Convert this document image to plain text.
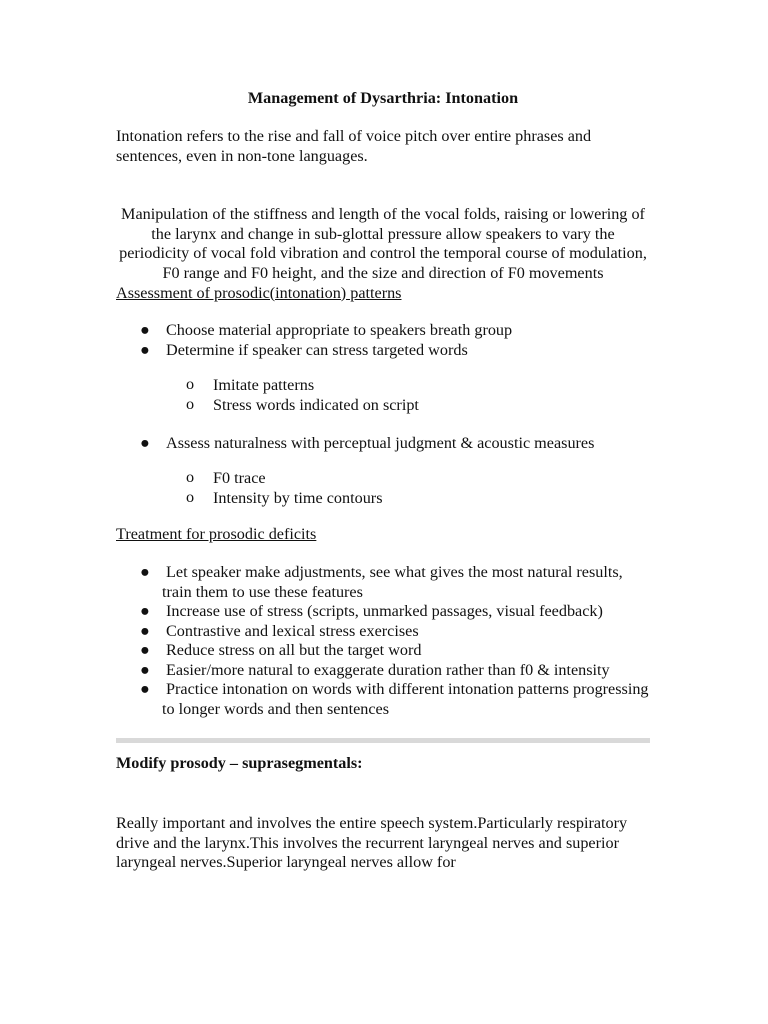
Management of Dysarthria: Intonation

Intonation refers to the rise and fall of voice pitch over entire phrases and sentences, even in non-tone languages.

Manipulation of the stiffness and length of the vocal folds, raising or lowering of the larynx and change in sub-glottal pressure allow speakers to vary the periodicity of vocal fold vibration and control the temporal course of modulation, F0 range and F0 height, and the size and direction of F0 movements

Assessment of prosodic(intonation) patterns

● Choose material appropriate to speakers breath group
● Determine if speaker can stress targeted words
o Imitate patterns
o Stress words indicated on script
● Assess naturalness with perceptual judgment & acoustic measures
o F0 trace
o Intensity by time contours

Treatment for prosodic deficits

● Let speaker make adjustments, see what gives the most natural results, train them to use these features
● Increase use of stress (scripts, unmarked passages, visual feedback)
● Contrastive and lexical stress exercises
● Reduce stress on all but the target word
● Easier/more natural to exaggerate duration rather than f0 & intensity
● Practice intonation on words with different intonation patterns progressing to longer words and then sentences

Modify prosody – suprasegmentals:

Really important and involves the entire speech system.Particularly respiratory drive and the larynx.This involves the recurrent laryngeal nerves and superior laryngeal nerves.Superior laryngeal nerves allow for
